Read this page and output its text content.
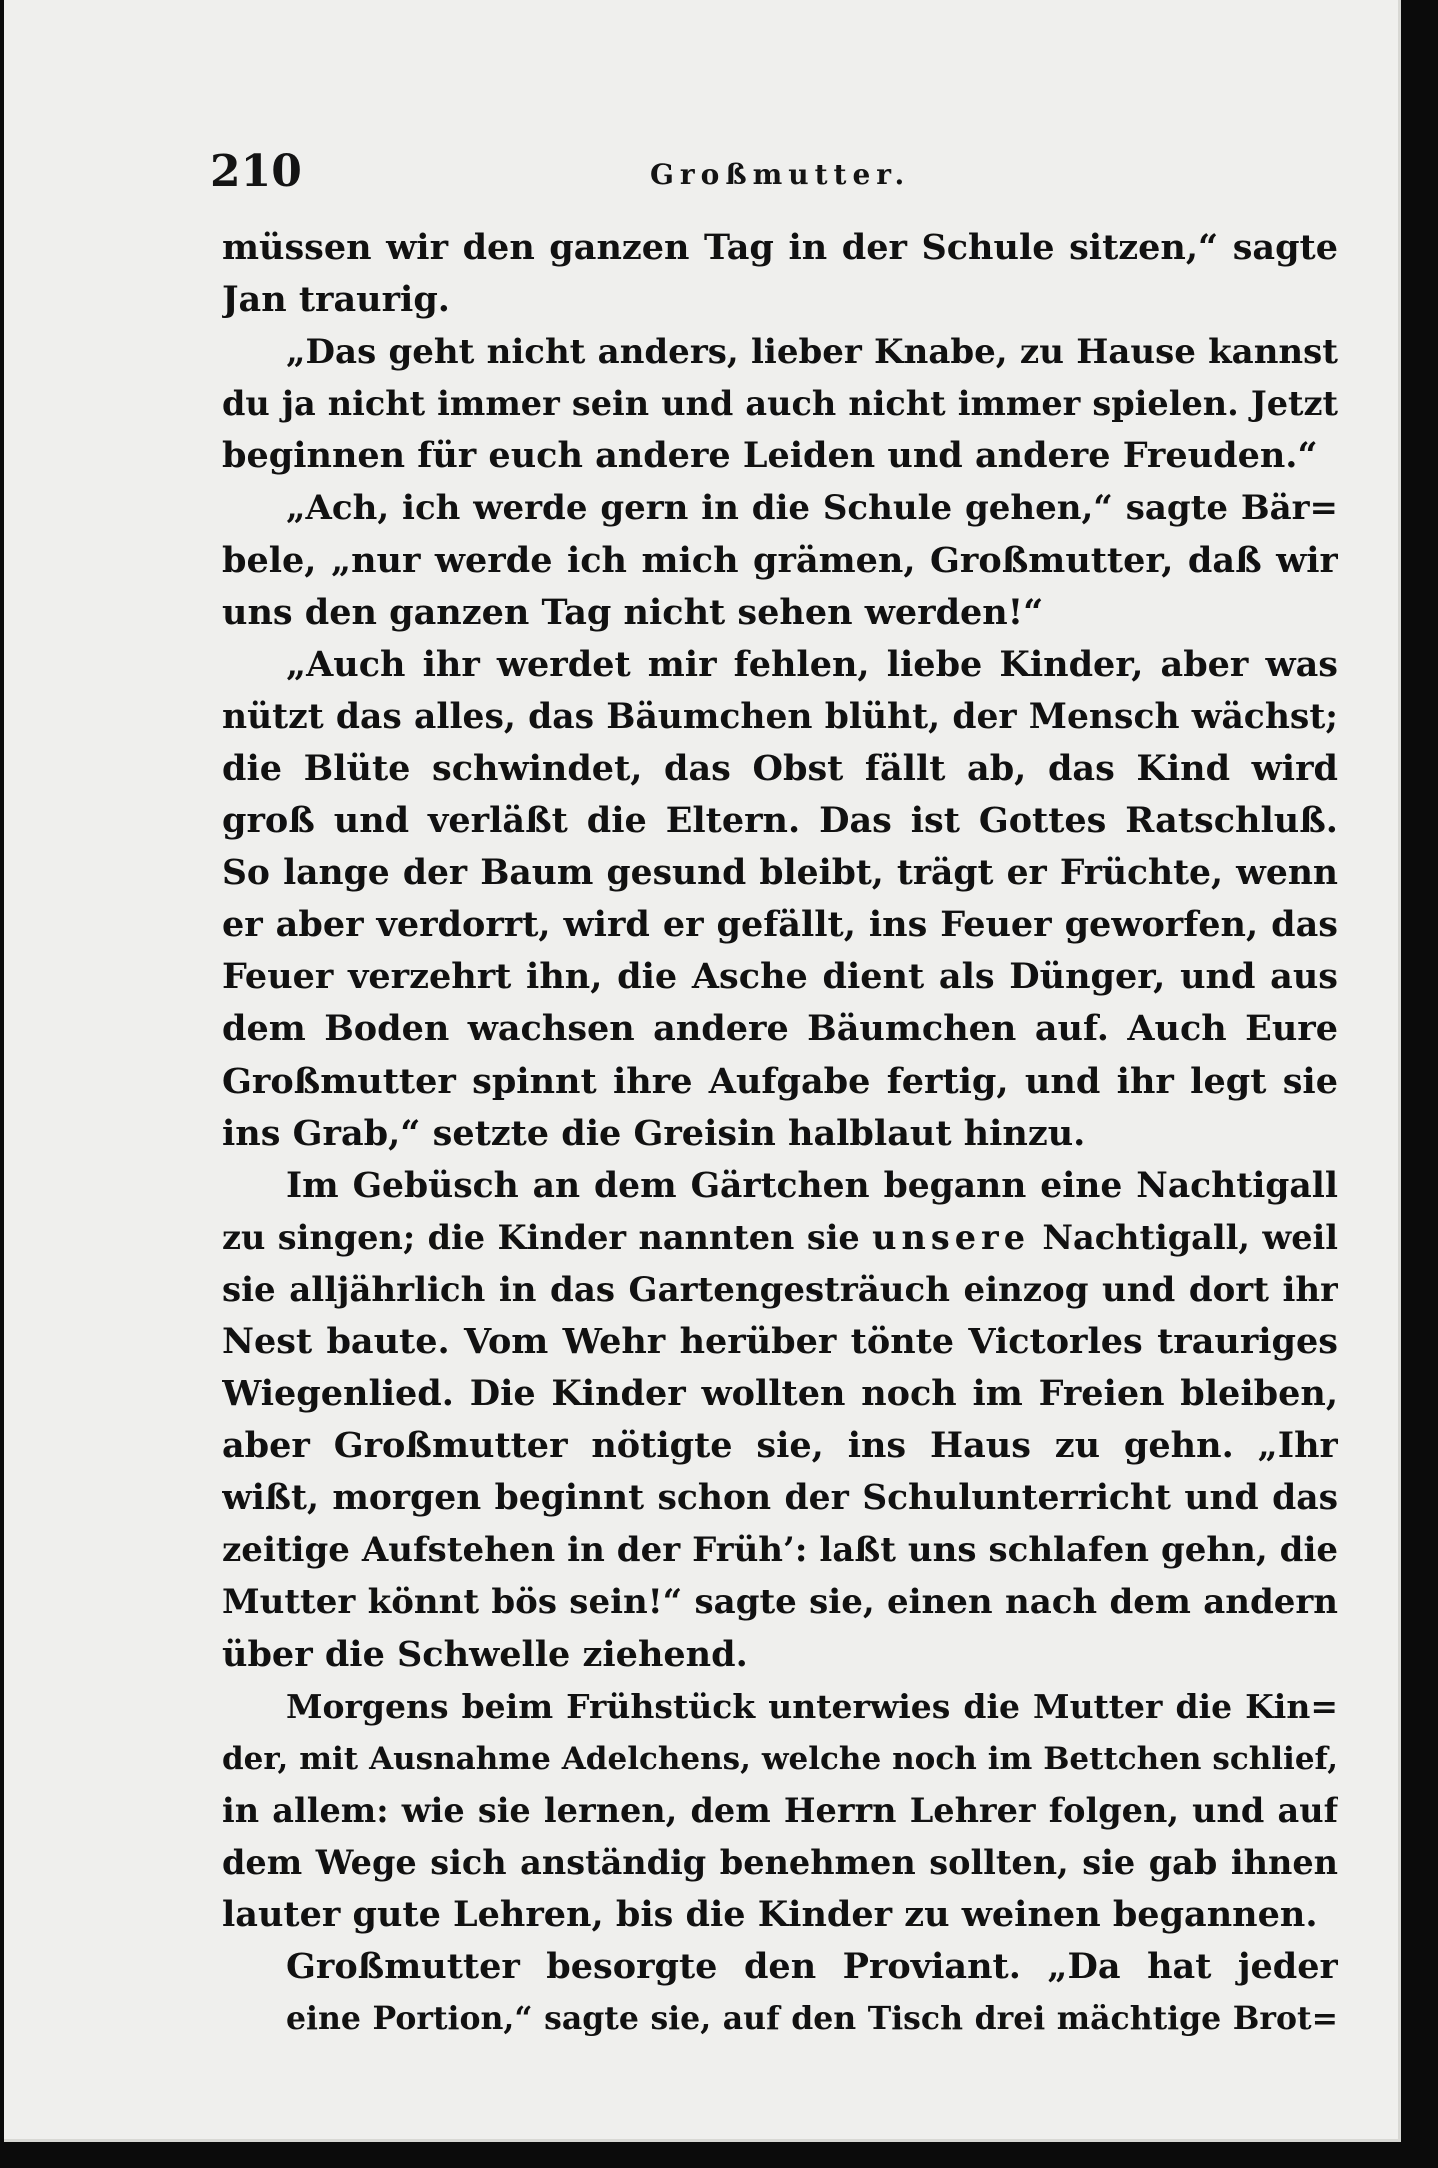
210	Großmutter.
müssen wir den ganzen Tag in der Schule sitzen,“ sagte
Jan traurig.
„Das geht nicht anders, lieber Knabe, zu Hause kannst
du ja nicht immer sein und auch nicht immer spielen. Jetzt
beginnen für euch andere Leiden und andere Freuden.“
„Ach, ich werde gern in die Schule gehen,“ sagte Bär=
bele, „nur werde ich mich grämen, Großmutter, daß wir
uns den ganzen Tag nicht sehen werden!“
„Auch ihr werdet mir fehlen, liebe Kinder, aber was
nützt das alles, das Bäumchen blüht, der Mensch wächst;
die Blüte schwindet, das Obst fällt ab, das Kind wird
groß und verläßt die Eltern. Das ist Gottes Ratschluß.
So lange der Baum gesund bleibt, trägt er Früchte, wenn
er aber verdorrt, wird er gefällt, ins Feuer geworfen, das
Feuer verzehrt ihn, die Asche dient als Dünger, und aus
dem Boden wachsen andere Bäumchen auf. Auch Eure
Großmutter spinnt ihre Aufgabe fertig, und ihr legt sie
ins Grab,“ setzte die Greisin halblaut hinzu.
Im Gebüsch an dem Gärtchen begann eine Nachtigall
zu singen; die Kinder nannten sie unsere Nachtigall, weil
sie alljährlich in das Gartengesträuch einzog und dort ihr
Nest baute. Vom Wehr herüber tönte Victorles trauriges
Wiegenlied. Die Kinder wollten noch im Freien bleiben,
aber Großmutter nötigte sie, ins Haus zu gehn. „Ihr
wißt, morgen beginnt schon der Schulunterricht und das
zeitige Aufstehen in der Früh’: laßt uns schlafen gehn, die
Mutter könnt bös sein!“ sagte sie, einen nach dem andern
über die Schwelle ziehend.
Morgens beim Frühstück unterwies die Mutter die Kin=
der, mit Ausnahme Adelchens, welche noch im Bettchen schlief,
in allem: wie sie lernen, dem Herrn Lehrer folgen, und auf
dem Wege sich anständig benehmen sollten, sie gab ihnen
lauter gute Lehren, bis die Kinder zu weinen begannen.
Großmutter besorgte den Proviant. „Da hat jeder
eine Portion,“ sagte sie, auf den Tisch drei mächtige Brot=
